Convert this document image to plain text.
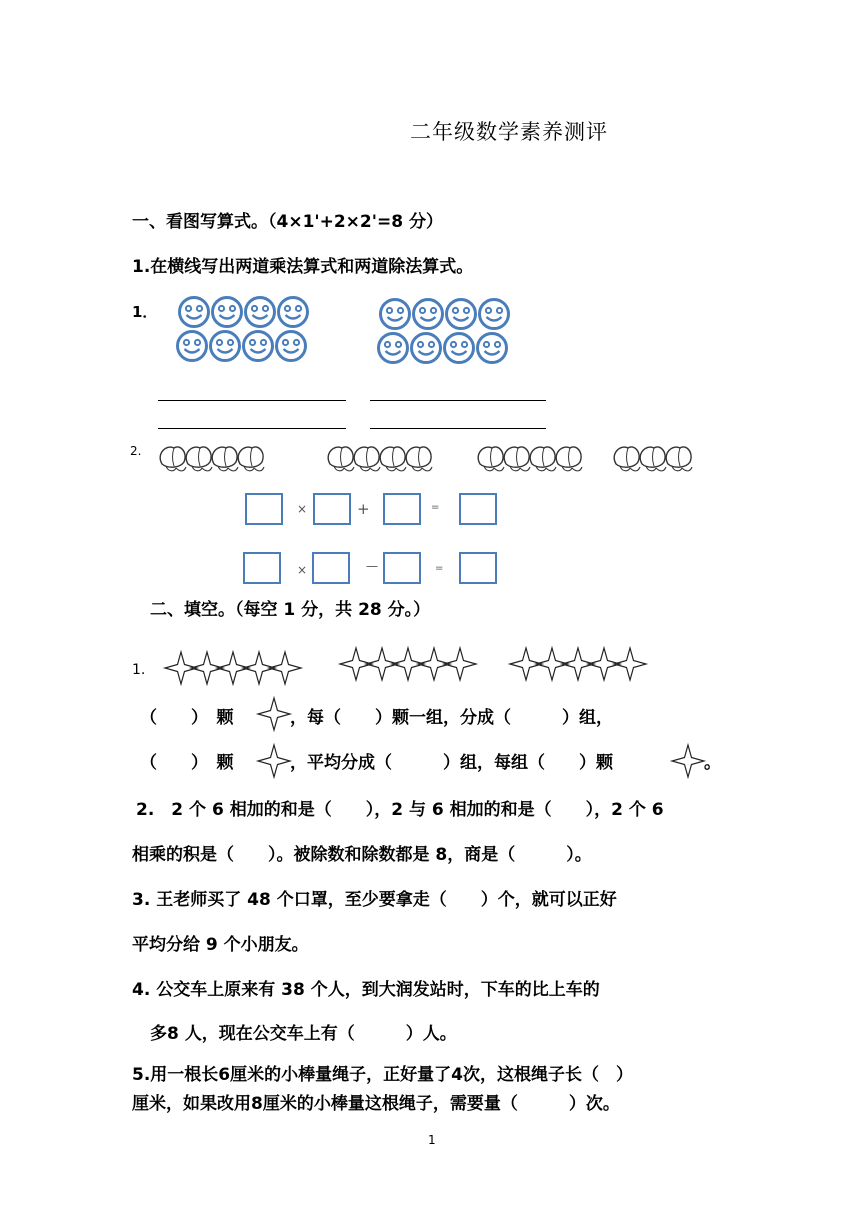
二年级数学素养测评
一、看图写算式。（4×1'+2×2'=8 分）
1.在横线写出两道乘法算式和两道除法算式。
1．
2.
×	+	=
×	—	=
二、填空。（每空 1 分，共 28 分。）
1.
（　　）　颗	，每（　　）颗一组，分成（　　　）组，
（　　）　颗	，平均分成（　　　）组，每组（　　）颗	。
2.　2 个 6 相加的和是（　　），2 与 6 相加的和是（　　），2 个 6
相乘的积是（　　）。被除数和除数都是 8，商是（　　　）。
3. 王老师买了 48 个口罩，至少要拿走（　　）个，就可以正好
平均分给 9 个小朋友。
4. 公交车上原来有 38 个人，到大润发站时，下车的比上车的
多8 人，现在公交车上有（　　　）人。
5.用一根长6厘米的小棒量绳子，正好量了4次，这根绳子长（　）
厘米，如果改用8厘米的小棒量这根绳子，需要量（　　　）次。
1
